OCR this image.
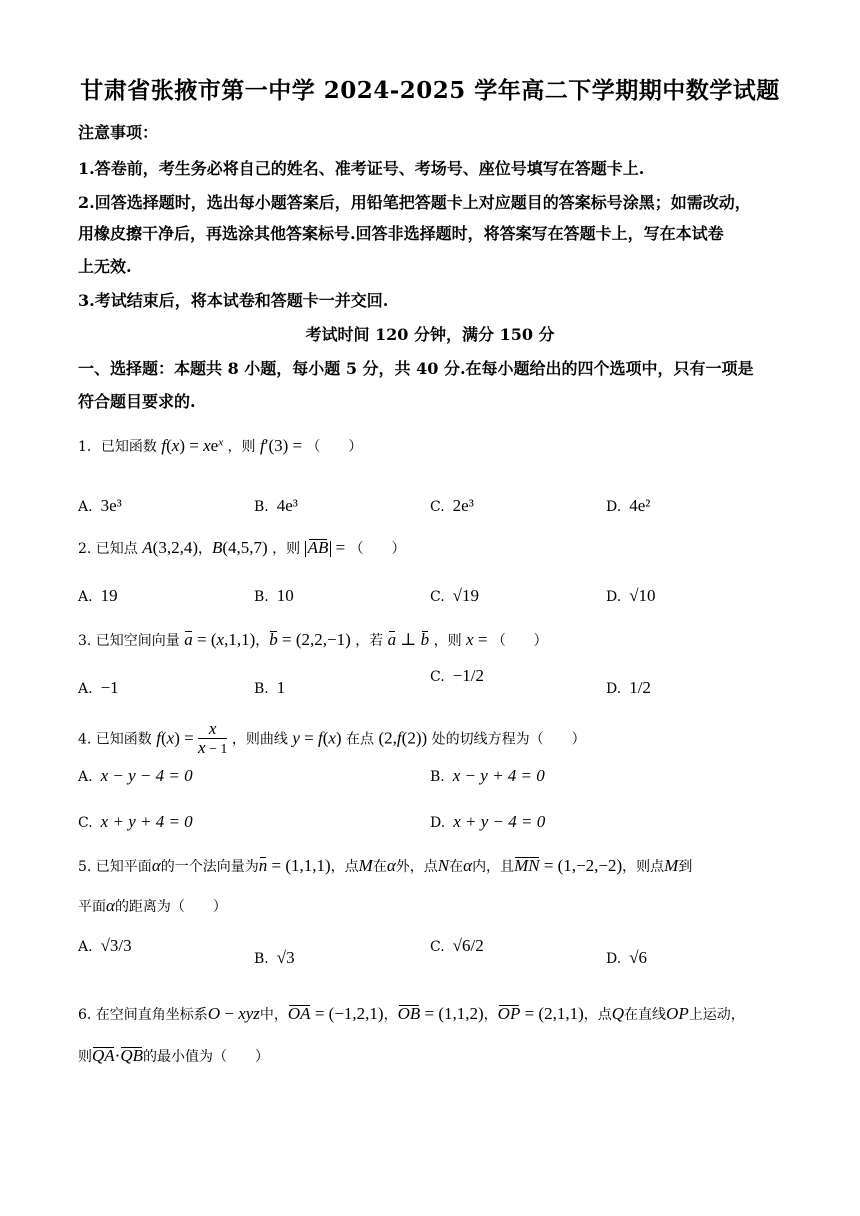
甘肃省张掖市第一中学 2024-2025 学年高二下学期期中数学试题
注意事项：
1.答卷前，考生务必将自己的姓名、准考证号、考场号、座位号填写在答题卡上.
2.回答选择题时，选出每小题答案后，用铅笔把答题卡上对应题目的答案标号涂黑；如需改动，
用橡皮擦干净后，再选涂其他答案标号.回答非选择题时，将答案写在答题卡上，写在本试卷
上无效.
3.考试结束后，将本试卷和答题卡一并交回.
考试时间 120 分钟，满分 150 分
一、选择题：本题共 8 小题，每小题 5 分，共 40 分.在每小题给出的四个选项中，只有一项是
符合题目要求的.
1．已知函数 $f(x) = xe^x$ ，则 f′(3) = （　　）
A. 3e³	B. 4e³	C. 2e³	D. 4e²
2. 已知点 A(3,2,4)，B(4,5,7) ，则 AB = （　　）
A. 19	B. 10	C. √19	D. √10
3. 已知空间向量 a = (x,1,1)，b = (2,2,−1) ，若 a ⊥ b ，则 x = （　　）
A. −1	B. 1
C. −1/2
D. 1/2
4. 已知函数 $f(x) = \frac{x}{x - 1}$ ，则曲线 y = f(x) 在点 (2,f(2)) 处的切线方程为（　　）
A. x − y − 4 = 0	B. x − y + 4 = 0
C. x + y + 4 = 0	D. x + y − 4 = 0
5. 已知平面α的一个法向量为n = (1,1,1)，点M在α外，点N在α内，且MN = (1,−2,−2)，则点M到
平面α的距离为（　　）
A. √3/3
B. √3
C. √6/2
D. √6
6. 在空间直角坐标系O − xyz中，OA = (−1,2,1)，OB = (1,1,2)，OP = (2,1,1)，点Q在直线OP上运动，
则QA·QB的最小值为（　　）
